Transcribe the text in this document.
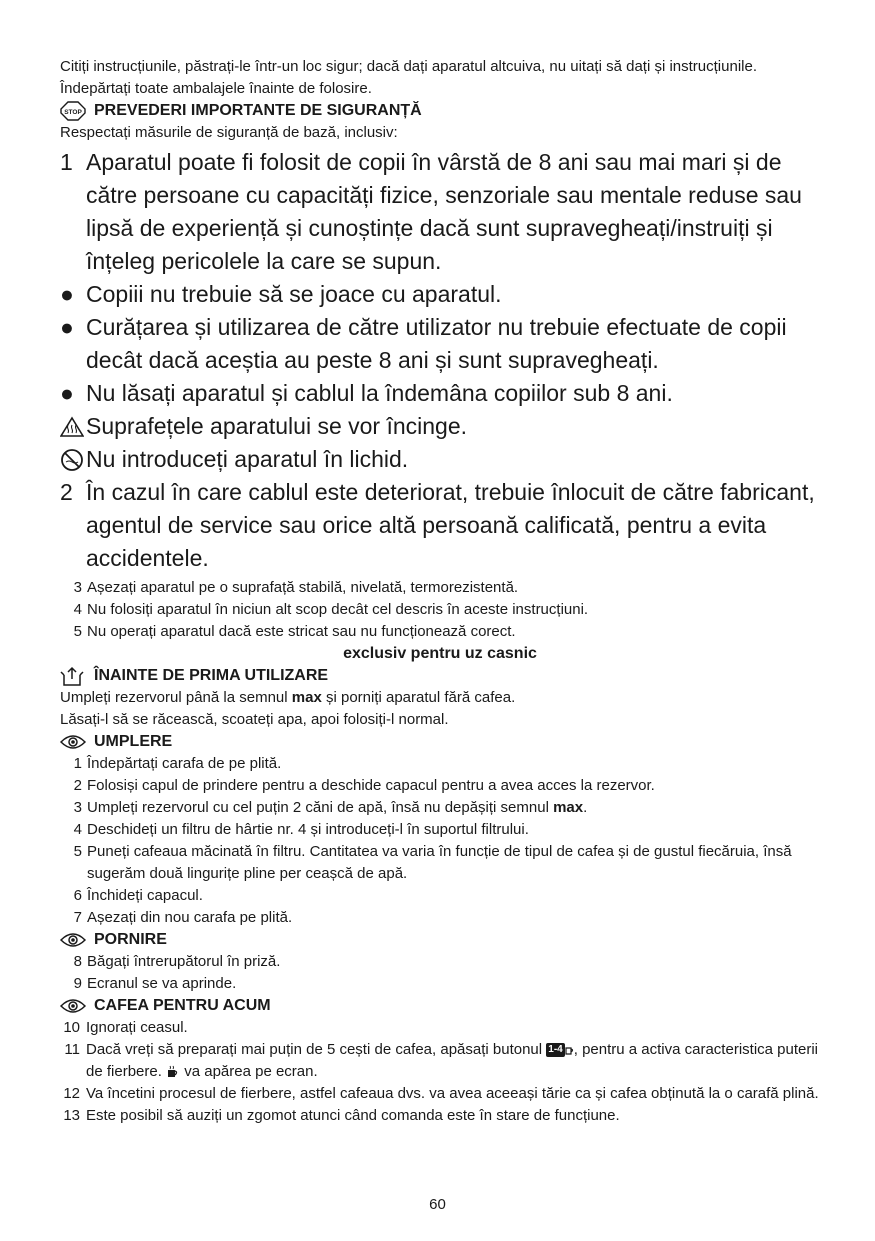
Citiți instrucțiunile, păstrați-le într-un loc sigur; dacă dați aparatul altcuiva, nu uitați să dați și instrucțiunile. Îndepărtați toate ambalajele înainte de folosire.
STOP PREVEDERI IMPORTANTE DE SIGURANȚĂ
Respectați măsurile de siguranță de bază, inclusiv:
1 Aparatul poate fi folosit de copii în vârstă de 8 ani sau mai mari și de către persoane cu capacități fizice, senzoriale sau mentale reduse sau lipsă de experiență și cunoștințe dacă sunt supravegheați/instruiți și înțeleg pericolele la care se supun.
● Copiii nu trebuie să se joace cu aparatul.
● Curățarea și utilizarea de către utilizator nu trebuie efectuate de copii decât dacă aceștia au peste 8 ani și sunt supravegheați.
● Nu lăsați aparatul și cablul la îndemâna copiilor sub 8 ani.
Suprafețele aparatului se vor încinge.
Nu introduceți aparatul în lichid.
2 În cazul în care cablul este deteriorat, trebuie înlocuit de către fabricant, agentul de service sau orice altă persoană calificată, pentru a evita accidentele.
3 Așezați aparatul pe o suprafață stabilă, nivelată, termorezistentă.
4 Nu folosiți aparatul în niciun alt scop decât cel descris în aceste instrucțiuni.
5 Nu operați aparatul dacă este stricat sau nu funcționează corect.
exclusiv pentru uz casnic
ÎNAINTE DE PRIMA UTILIZARE
Umpleți rezervorul până la semnul max și porniți aparatul fără cafea.
Lăsați-l să se răcească, scoateți apa, apoi folosiți-l normal.
UMPLERE
1 Îndepărtați carafa de pe plită.
2 Folosiși capul de prindere pentru a deschide capacul pentru a avea acces la rezervor.
3 Umpleți rezervorul cu cel puțin 2 căni de apă, însă nu depășiți semnul max.
4 Deschideți un filtru de hârtie nr. 4 și introduceți-l în suportul filtrului.
5 Puneți cafeaua măcinată în filtru. Cantitatea va varia în funcție de tipul de cafea și de gustul fiecăruia, însă sugerăm două lingurițe pline per ceașcă de apă.
6 Închideți capacul.
7 Așezați din nou carafa pe plită.
PORNIRE
8 Băgați întrerupătorul în priză.
9 Ecranul se va aprinde.
CAFEA PENTRU ACUM
10 Ignorați ceasul.
11 Dacă vreți să preparați mai puțin de 5 cești de cafea, apăsați butonul 1-4 , pentru a activa caracteristica puterii de fierbere.  va apărea pe ecran.
12 Va încetini procesul de fierbere, astfel cafeaua dvs. va avea aceeași tărie ca și cafea obținută la o carafă plină.
13 Este posibil să auziți un zgomot atunci când comanda este în stare de funcțiune.
60
